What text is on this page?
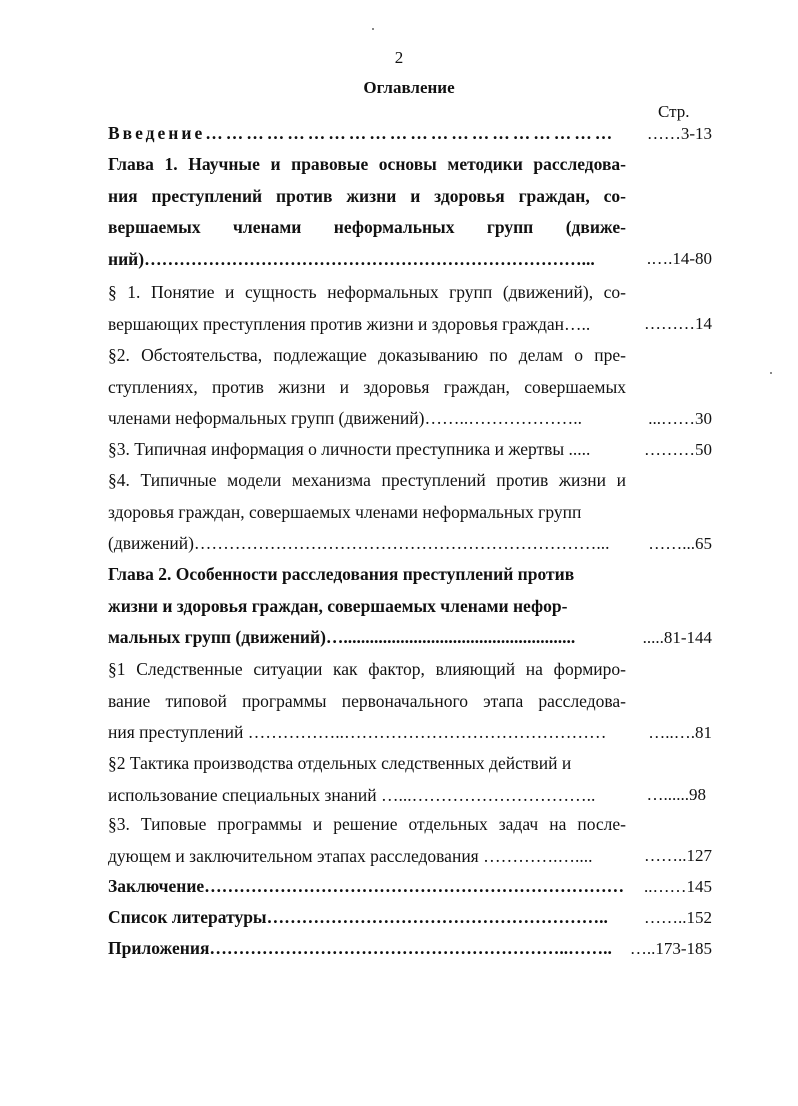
2
Оглавление
Стр.
Введение……………………………………………………	……3-13
Глава 1. Научные и правовые основы методики расследова-
ния преступлений против жизни и здоровья граждан, со-
вершаемых членами неформальных групп (движе-
ний)…………………………………………………………………...	.….14-80
§ 1. Понятие и сущность неформальных групп (движений), со-
вершающих преступления против жизни и здоровья граждан…..	………14
§2. Обстоятельства, подлежащие доказыванию по делам о пре-
ступлениях, против жизни и здоровья граждан, совершаемых
членами неформальных групп (движений)……..………………..	...……30
§3. Типичная информация о личности преступника и жертвы .....	………50
§4. Типичные модели механизма преступлений против жизни и
здоровья граждан, совершаемых членами неформальных групп
(движений)……………………………………………………………...	……...65
Глава 2. Особенности расследования преступлений против
жизни и здоровья граждан, совершаемых членами нефор-
мальных групп (движений)….....................................................	.....81-144
§1 Следственные ситуации как фактор, влияющий на формиро-
вание типовой программы первоначального этапа расследова-
ния преступлений ……………..………………………………………	…..….81
§2 Тактика производства отдельных следственных действий и
использование специальных знаний …...…………………………..	…......98
§3. Типовые программы и решение отдельных задач на после-
дующем и заключительном этапах расследования ………….…....	……..127
Заключение………………………………………………………………	..……145
Список литературы…………………………………………………..	……..152
Приложения……………………………………………………..……..	…..173-185
